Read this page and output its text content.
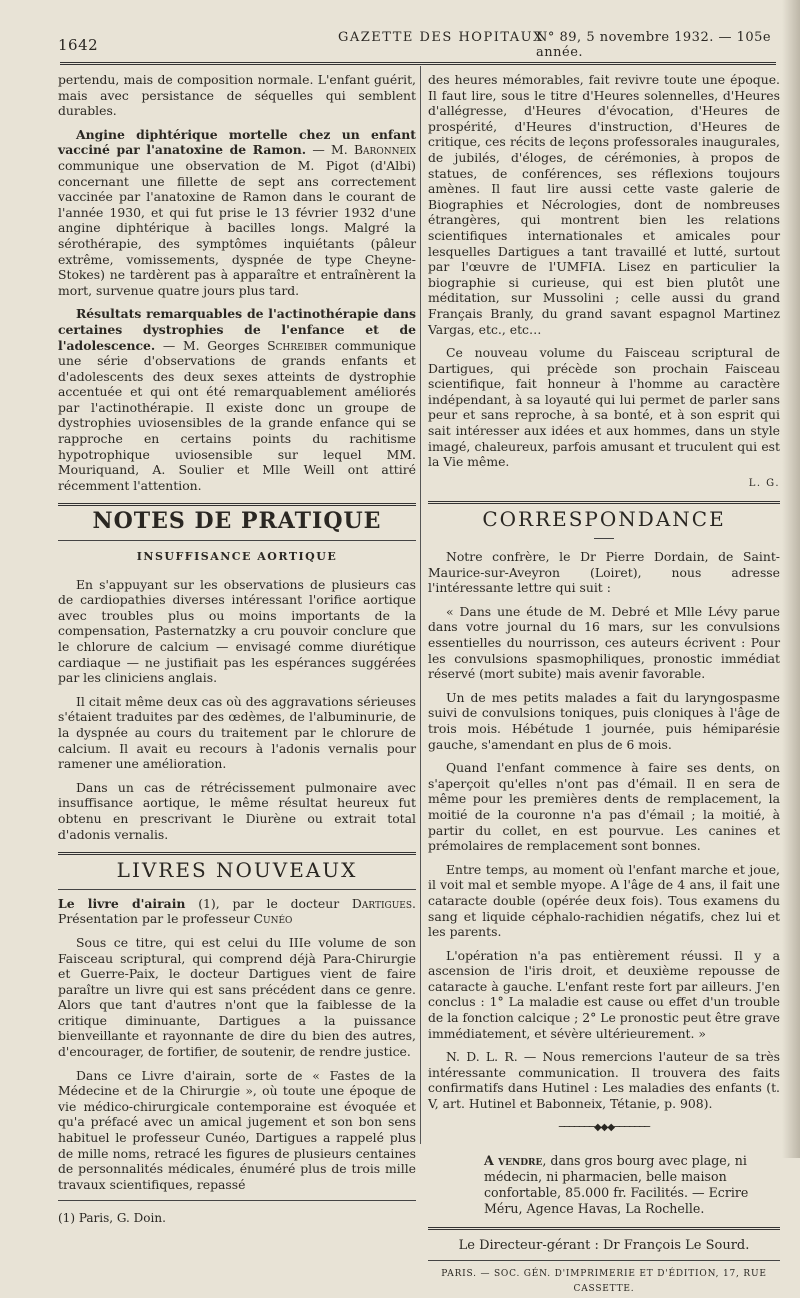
1642	GAZETTE DES HOPITAUX
N° 89, 5 novembre 1932. — 105e année.

pertendu, mais de composition normale. L'enfant guérit, mais avec persistance de séquelles qui semblent durables.

Angine diphtérique mortelle chez un enfant vacciné par l'anatoxine de Ramon. — M. Baronneix communique une observation de M. Pigot (d'Albi) concernant une fillette de sept ans correctement vaccinée par l'anatoxine de Ramon dans le courant de l'année 1930, et qui fut prise le 13 février 1932 d'une angine diphtérique à bacilles longs. Malgré la sérothérapie, des symptômes inquiétants (pâleur extrême, vomissements, dyspnée de type Cheyne-Stokes) ne tardèrent pas à apparaître et entraînèrent la mort, survenue quatre jours plus tard.

Résultats remarquables de l'actinothérapie dans certaines dystrophies de l'enfance et de l'adolescence. — M. Georges Schreiber communique une série d'observations de grands enfants et d'adolescents des deux sexes atteints de dystrophie accentuée et qui ont été remarquablement améliorés par l'actinothérapie. Il existe donc un groupe de dystrophies uviosensibles de la grande enfance qui se rapproche en certains points du rachitisme hypotrophique uviosensible sur lequel MM. Mouriquand, A. Soulier et Mlle Weill ont attiré récemment l'attention.

NOTES DE PRATIQUE
INSUFFISANCE AORTIQUE

En s'appuyant sur les observations de plusieurs cas de cardiopathies diverses intéressant l'orifice aortique avec troubles plus ou moins importants de la compensation, Pasternatzky a cru pouvoir conclure que le chlorure de calcium — envisagé comme diurétique cardiaque — ne justifiait pas les espérances suggérées par les cliniciens anglais.

Il citait même deux cas où des aggravations sérieuses s'étaient traduites par des œdèmes, de l'albuminurie, de la dyspnée au cours du traitement par le chlorure de calcium. Il avait eu recours à l'adonis vernalis pour ramener une amélioration.

Dans un cas de rétrécissement pulmonaire avec insuffisance aortique, le même résultat heureux fut obtenu en prescrivant le Diurène ou extrait total d'adonis vernalis.

LIVRES NOUVEAUX

Le livre d'airain (1), par le docteur Dartigues. Présentation par le professeur Cunéo

Sous ce titre, qui est celui du IIIe volume de son Faisceau scriptural, qui comprend déjà Para-Chirurgie et Guerre-Paix, le docteur Dartigues vient de faire paraître un livre qui est sans précédent dans ce genre. Alors que tant d'autres n'ont que la faiblesse de la critique diminuante, Dartigues a la puissance bienveillante et rayonnante de dire du bien des autres, d'encourager, de fortifier, de soutenir, de rendre justice.

Dans ce Livre d'airain, sorte de « Fastes de la Médecine et de la Chirurgie », où toute une époque de vie médico-chirurgicale contemporaine est évoquée et qu'a préfacé avec un amical jugement et son bon sens habituel le professeur Cunéo, Dartigues a rappelé plus de mille noms, retracé les figures de plusieurs centaines de personnalités médicales, énuméré plus de trois mille travaux scientifiques, repassé

(1) Paris, G. Doin.

des heures mémorables, fait revivre toute une époque. Il faut lire, sous le titre d'Heures solennelles, d'Heures d'allégresse, d'Heures d'évocation, d'Heures de prospérité, d'Heures d'instruction, d'Heures de critique, ces récits de leçons professorales inaugurales, de jubilés, d'éloges, de cérémonies, à propos de statues, de conférences, ses réflexions toujours amènes. Il faut lire aussi cette vaste galerie de Biographies et Nécrologies, dont de nombreuses étrangères, qui montrent bien les relations scientifiques internationales et amicales pour lesquelles Dartigues a tant travaillé et lutté, surtout par l'œuvre de l'UMFIA. Lisez en particulier la biographie si curieuse, qui est bien plutôt une méditation, sur Mussolini ; celle aussi du grand Français Branly, du grand savant espagnol Martinez Vargas, etc., etc…

Ce nouveau volume du Faisceau scriptural de Dartigues, qui précède son prochain Faisceau scientifique, fait honneur à l'homme au caractère indépendant, à sa loyauté qui lui permet de parler sans peur et sans reproche, à sa bonté, et à son esprit qui sait intéresser aux idées et aux hommes, dans un style imagé, chaleureux, parfois amusant et truculent qui est la Vie même.

L. G.
CORRESPONDANCE

Notre confrère, le Dr Pierre Dordain, de Saint-Maurice-sur-Aveyron (Loiret), nous adresse l'intéressante lettre qui suit :

« Dans une étude de M. Debré et Mlle Lévy parue dans votre journal du 16 mars, sur les convulsions essentielles du nourrisson, ces auteurs écrivent : Pour les convulsions spasmophiliques, pronostic immédiat réservé (mort subite) mais avenir favorable.

Un de mes petits malades a fait du laryngospasme suivi de convulsions toniques, puis cloniques à l'âge de trois mois. Hébétude 1 journée, puis hémiparésie gauche, s'amendant en plus de 6 mois.

Quand l'enfant commence à faire ses dents, on s'aperçoit qu'elles n'ont pas d'émail. Il en sera de même pour les premières dents de remplacement, la moitié de la couronne n'a pas d'émail ; la moitié, à partir du collet, en est pourvue. Les canines et prémolaires de remplacement sont bonnes.

Entre temps, au moment où l'enfant marche et joue, il voit mal et semble myope. A l'âge de 4 ans, il fait une cataracte double (opérée deux fois). Tous examens du sang et liquide céphalo-rachidien négatifs, chez lui et les parents.

L'opération n'a pas entièrement réussi. Il y a ascension de l'iris droit, et deuxième repousse de cataracte à gauche. L'enfant reste fort par ailleurs. J'en conclus : 1° La maladie est cause ou effet d'un trouble de la fonction calcique ; 2° Le pronostic peut être grave immédiatement, et sévère ultérieurement. »

N. D. L. R. — Nous remercions l'auteur de sa très intéressante communication. Il trouvera des faits confirmatifs dans Hutinel : Les maladies des enfants (t. V, art. Hutinel et Babonneix, Tétanie, p. 908).

───────◆◆◆───────
A vendre, dans gros bourg avec plage, ni médecin, ni pharmacien, belle maison confortable, 85.000 fr. Facilités. — Ecrire Méru, Agence Havas, La Rochelle.
Le Directeur-gérant : Dr François Le Sourd.
PARIS. — SOC. GÉN. D'IMPRIMERIE ET D'ÉDITION, 17, RUE CASSETTE.
